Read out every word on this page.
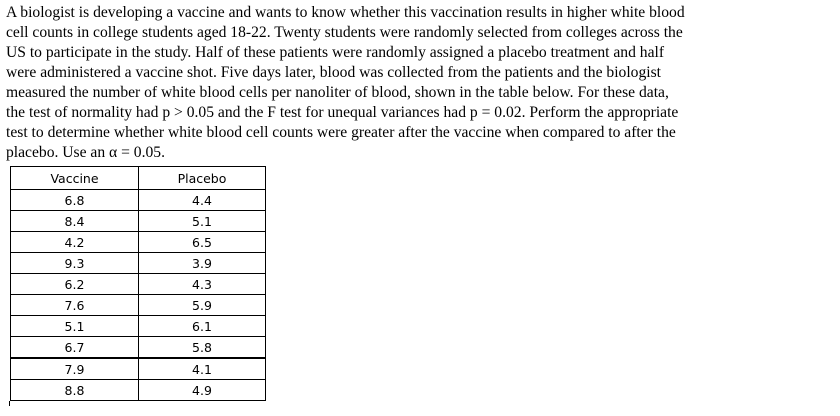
A biologist is developing a vaccine and wants to know whether this vaccination results in higher white blood
cell counts in college students aged 18-22. Twenty students were randomly selected from colleges across the
US to participate in the study. Half of these patients were randomly assigned a placebo treatment and half
were administered a vaccine shot. Five days later, blood was collected from the patients and the biologist
measured the number of white blood cells per nanoliter of blood, shown in the table below. For these data,
the test of normality had p > 0.05 and the F test for unequal variances had p = 0.02. Perform the appropriate
test to determine whether white blood cell counts were greater after the vaccine when compared to after the
placebo. Use an α = 0.05.
Vaccine	Placebo
6.8	4.4
8.4	5.1
4.2	6.5
9.3	3.9
6.2	4.3
7.6	5.9
5.1	6.1
6.7	5.8
7.9	4.1
8.8	4.9
